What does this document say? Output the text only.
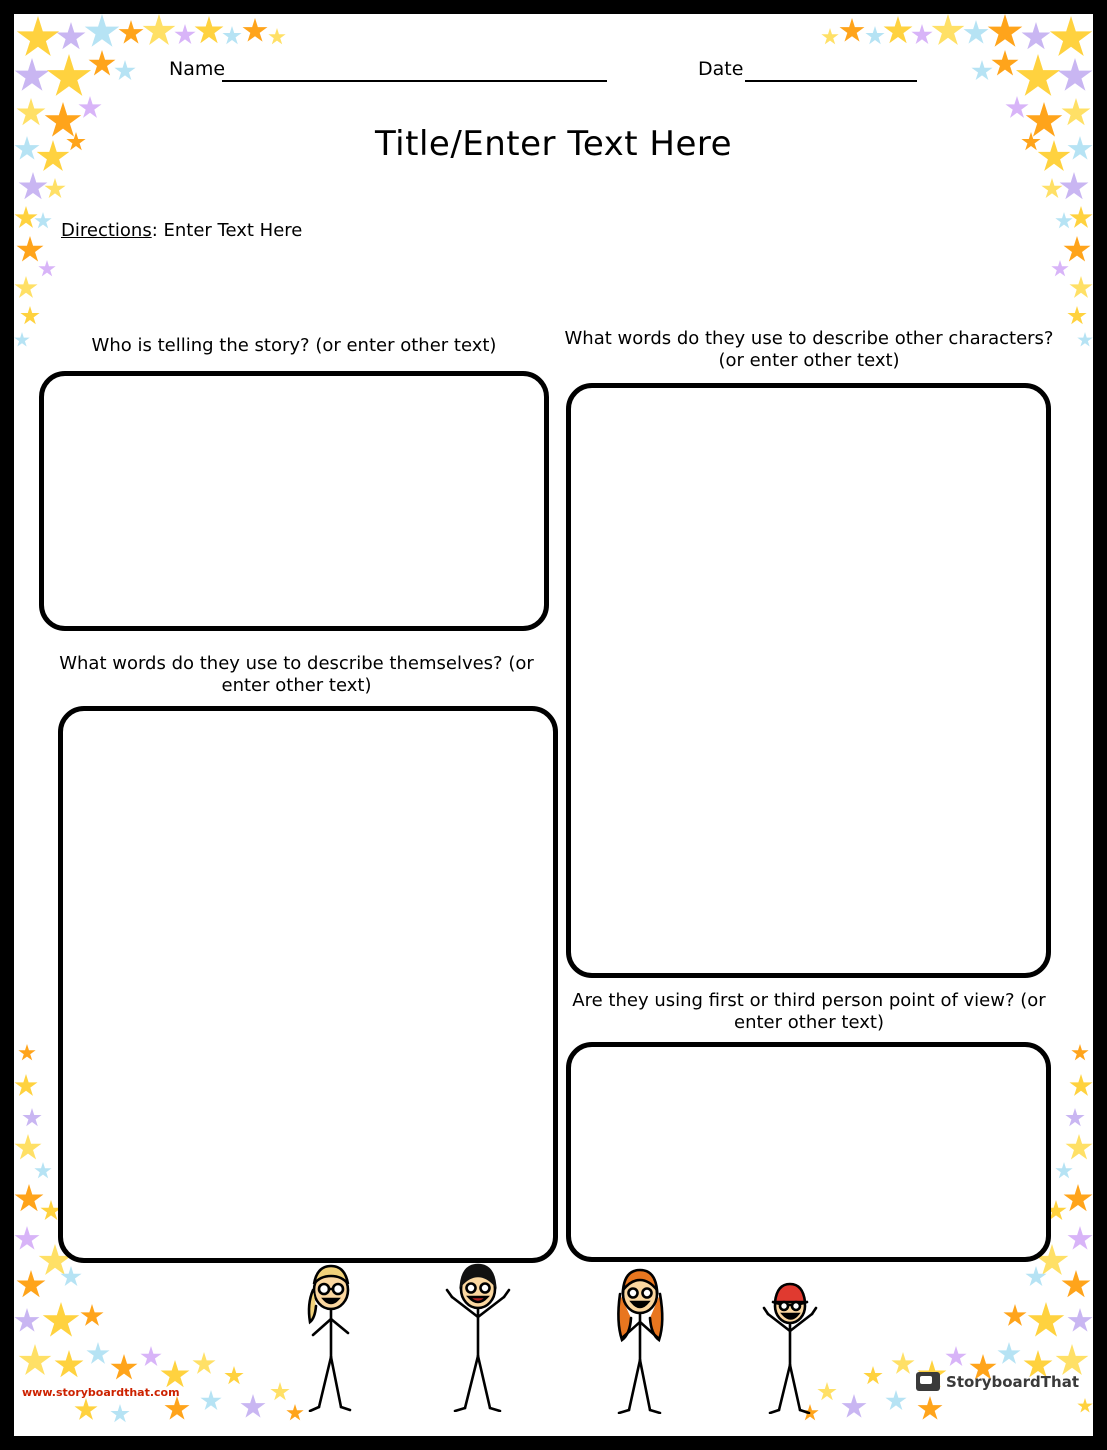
Name	Date
Title/Enter Text Here
Directions: Enter Text Here
Who is telling the story? (or enter other text)	What words do they use to describe other characters? (or enter other text)
What words do they use to describe themselves? (or enter other text)
Are they using first or third person point of view? (or enter other text)
www.storyboardthat.com
StoryboardThat
